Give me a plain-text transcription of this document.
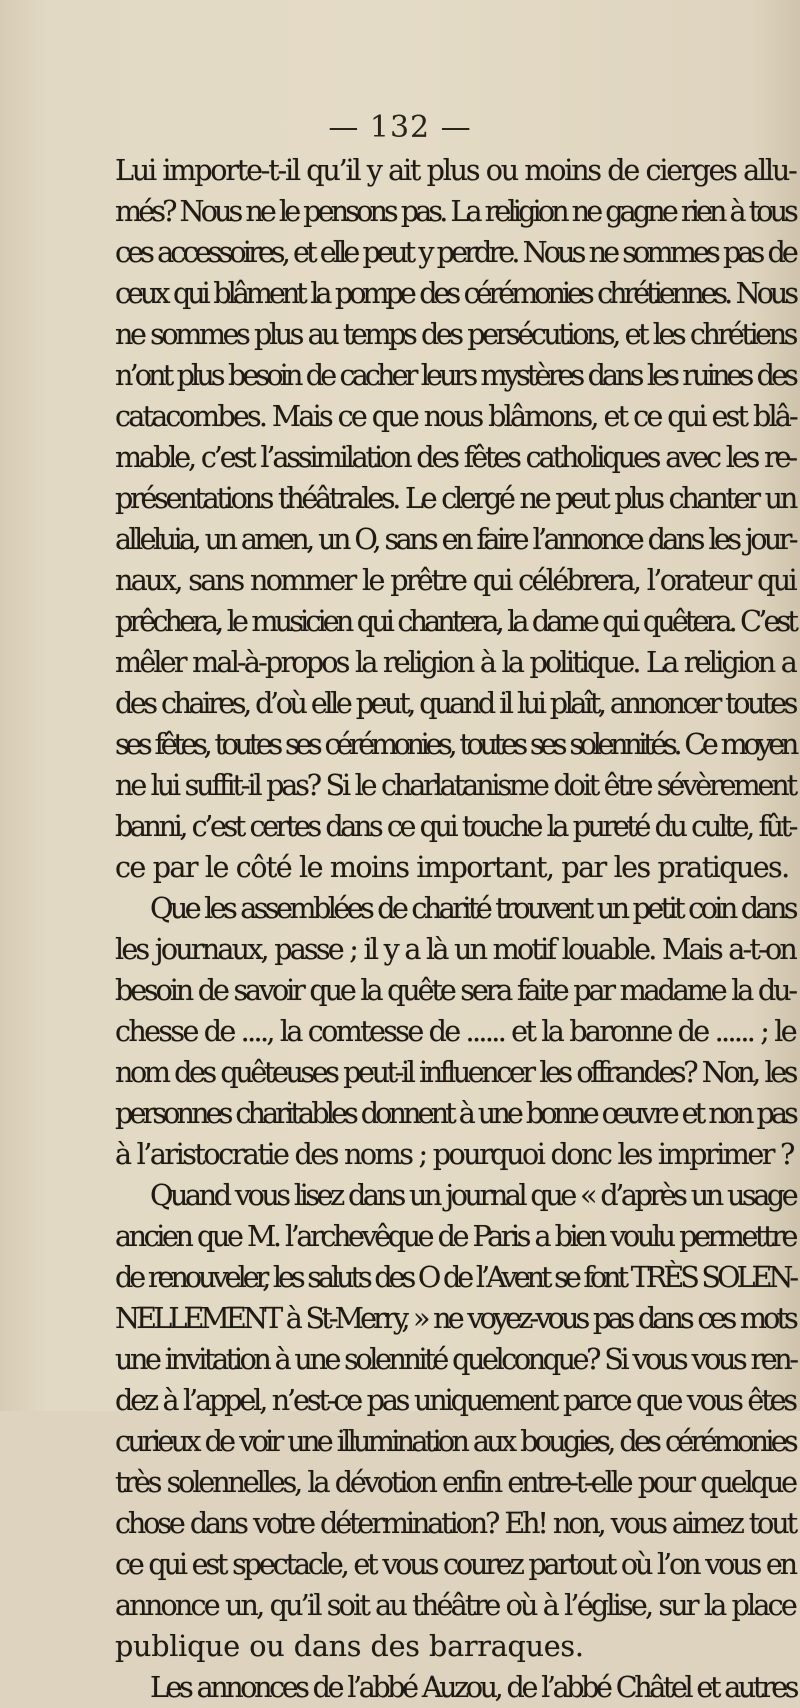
— 132 —
Lui importe-t-il qu’il y ait plus ou moins de cierges allu-
més? Nous ne le pensons pas. La religion ne gagne rien à tous
ces accessoires, et elle peut y perdre. Nous ne sommes pas de
ceux qui blâment la pompe des cérémonies chrétiennes. Nous
ne sommes plus au temps des persécutions, et les chrétiens
n’ont plus besoin de cacher leurs mystères dans les ruines des
catacombes. Mais ce que nous blâmons, et ce qui est blâ-
mable, c’est l’assimilation des fêtes catholiques avec les re-
présentations théâtrales. Le clergé ne peut plus chanter un
alleluia, un amen, un O, sans en faire l’annonce dans les jour-
naux, sans nommer le prêtre qui célébrera, l’orateur qui
prêchera, le musicien qui chantera, la dame qui quêtera. C’est
mêler mal-à-propos la religion à la politique. La religion a
des chaires, d’où elle peut, quand il lui plaît, annoncer toutes
ses fêtes, toutes ses cérémonies, toutes ses solennités. Ce moyen
ne lui suffit-il pas? Si le charlatanisme doit être sévèrement
banni, c’est certes dans ce qui touche la pureté du culte, fût-
ce par le côté le moins important, par les pratiques.
Que les assemblées de charité trouvent un petit coin dans
les journaux, passe ; il y a là un motif louable. Mais a-t-on
besoin de savoir que la quête sera faite par madame la du-
chesse de ...., la comtesse de ...... et la baronne de ...... ; le
nom des quêteuses peut-il influencer les offrandes? Non, les
personnes charitables donnent à une bonne œuvre et non pas
à l’aristocratie des noms ; pourquoi donc les imprimer ?
Quand vous lisez dans un journal que « d’après un usage
ancien que M. l’archevêque de Paris a bien voulu permettre
de renouveler, les saluts des O de l’Avent se font TRÈS SOLEN-
NELLEMENT à St-Merry, » ne voyez-vous pas dans ces mots
une invitation à une solennité quelconque? Si vous vous ren-
dez à l’appel, n’est-ce pas uniquement parce que vous êtes
curieux de voir une illumination aux bougies, des cérémonies
très solennelles, la dévotion enfin entre-t-elle pour quelque
chose dans votre détermination? Eh! non, vous aimez tout
ce qui est spectacle, et vous courez partout où l’on vous en
annonce un, qu’il soit au théâtre où à l’église, sur la place
publique ou dans des barraques.
Les annonces de l’abbé Auzou, de l’abbé Châtel et autres
